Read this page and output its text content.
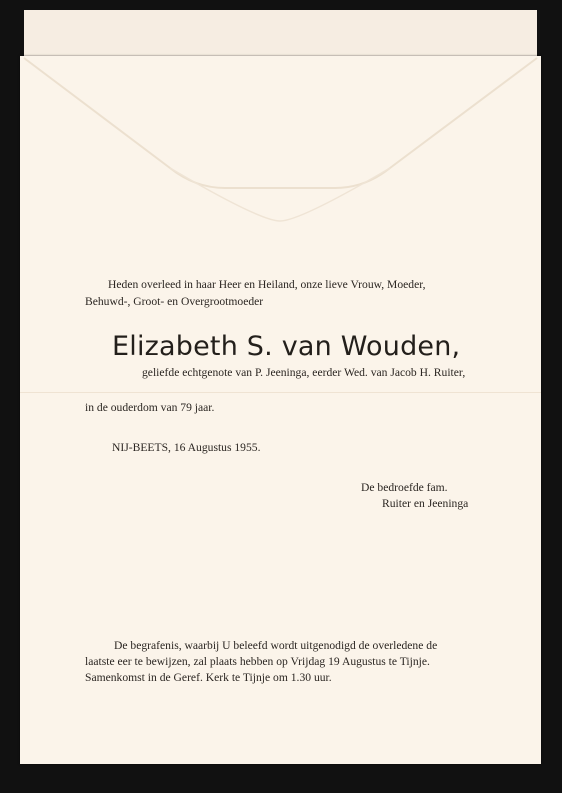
Heden overleed in haar Heer en Heiland, onze lieve Vrouw, Moeder,
Behuwd-, Groot- en Overgrootmoeder
Elizabeth S. van Wouden,
geliefde echtgenote van P. Jeeninga, eerder Wed. van Jacob H. Ruiter,
in de ouderdom van 79 jaar.
NIJ-BEETS, 16 Augustus 1955.
De bedroefde fam.
Ruiter en Jeeninga
De begrafenis, waarbij U beleefd wordt uitgenodigd de overledene de
laatste eer te bewijzen, zal plaats hebben op Vrijdag 19 Augustus te Tijnje.
Samenkomst in de Geref. Kerk te Tijnje om 1.30 uur.
